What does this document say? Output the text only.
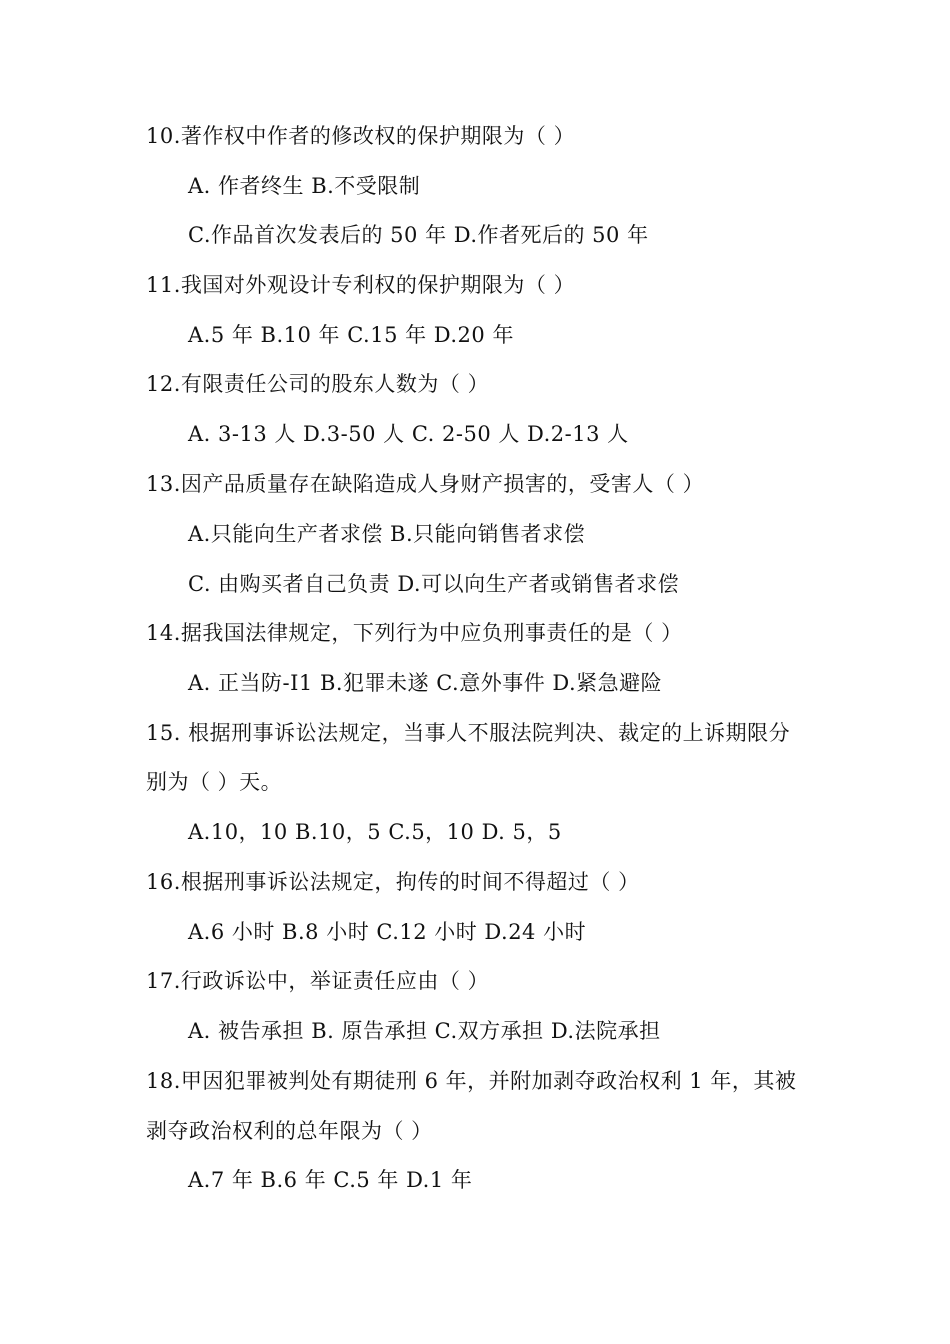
10.著作权中作者的修改权的保护期限为（ ）
A. 作者终生 B.不受限制
C.作品首次发表后的 50 年 D.作者死后的 50 年
11.我国对外观设计专利权的保护期限为（ ）
A.5 年 B.10 年 C.15 年 D.20 年
12.有限责任公司的股东人数为（ ）
A. 3-13 人 D.3-50 人 C. 2-50 人 D.2-13 人
13.因产品质量存在缺陷造成人身财产损害的，受害人（ ）
A.只能向生产者求偿 B.只能向销售者求偿
C. 由购买者自己负责 D.可以向生产者或销售者求偿
14.据我国法律规定，下列行为中应负刑事责任的是（ ）
A. 正当防-I1 B.犯罪未遂 C.意外事件 D.紧急避险
15. 根据刑事诉讼法规定，当事人不服法院判决、裁定的上诉期限分
别为（ ）天。
A.10，10 B.10，5 C.5，10 D. 5，5
16.根据刑事诉讼法规定，拘传的时间不得超过（ ）
A.6 小时 B.8 小时 C.12 小时 D.24 小时
17.行政诉讼中，举证责任应由（ ）
A. 被告承担 B. 原告承担 C.双方承担 D.法院承担
18.甲因犯罪被判处有期徒刑 6 年，并附加剥夺政治权利 1 年，其被
剥夺政治权利的总年限为（ ）
A.7 年 B.6 年 C.5 年 D.1 年
